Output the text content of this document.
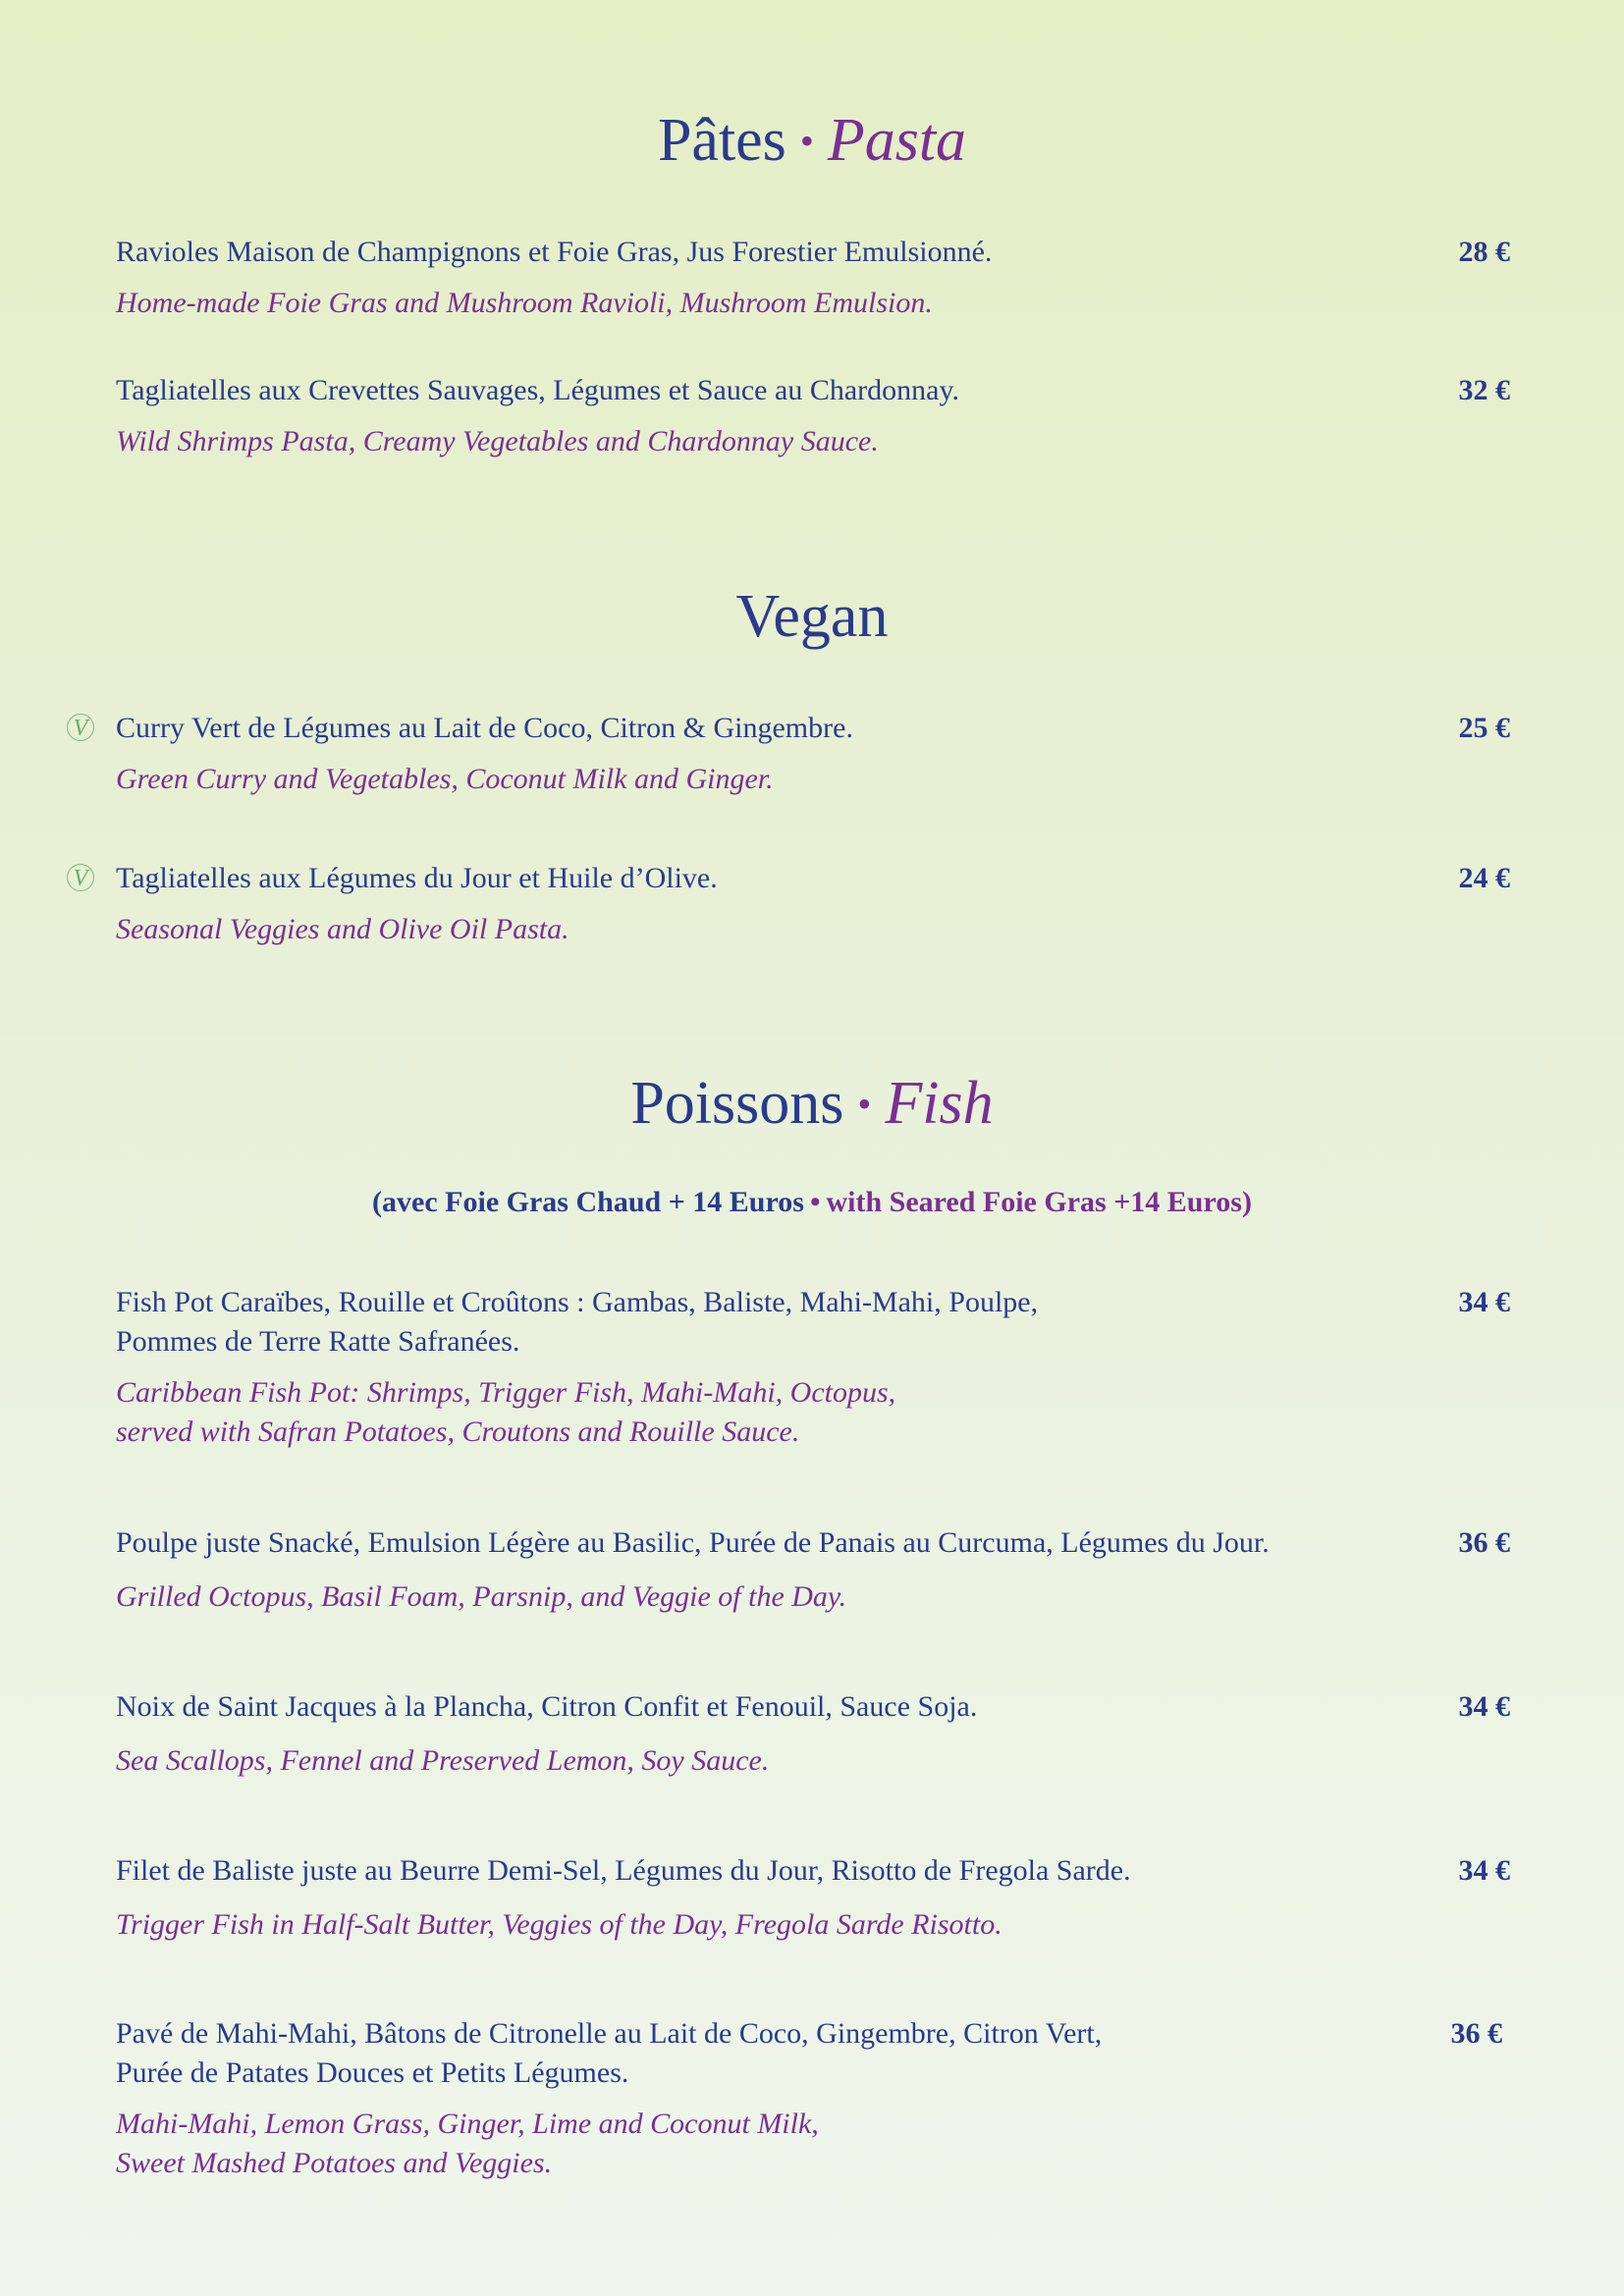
Pâtes • Pasta
Ravioles Maison de Champignons et Foie Gras, Jus Forestier Emulsionné.
Home-made Foie Gras and Mushroom Ravioli, Mushroom Emulsion.
28 €
Tagliatelles aux Crevettes Sauvages, Légumes et Sauce au Chardonnay.
Wild Shrimps Pasta, Creamy Vegetables and Chardonnay Sauce.
32 €
Vegan
V Curry Vert de Légumes au Lait de Coco, Citron & Gingembre.
Green Curry and Vegetables, Coconut Milk and Ginger.
25 €
V Tagliatelles aux Légumes du Jour et Huile d’Olive.
Seasonal Veggies and Olive Oil Pasta.
24 €
Poissons • Fish
(avec Foie Gras Chaud + 14 Euros • with Seared Foie Gras +14 Euros)
Fish Pot Caraïbes, Rouille et Croûtons : Gambas, Baliste, Mahi-Mahi, Poulpe,
Pommes de Terre Ratte Safranées.
Caribbean Fish Pot: Shrimps, Trigger Fish, Mahi-Mahi, Octopus,
served with Safran Potatoes, Croutons and Rouille Sauce.
34 €
Poulpe juste Snacké, Emulsion Légère au Basilic, Purée de Panais au Curcuma, Légumes du Jour.
Grilled Octopus, Basil Foam, Parsnip, and Veggie of the Day.
36 €
Noix de Saint Jacques à la Plancha, Citron Confit et Fenouil, Sauce Soja.
Sea Scallops, Fennel and Preserved Lemon, Soy Sauce.
34 €
Filet de Baliste juste au Beurre Demi-Sel, Légumes du Jour, Risotto de Fregola Sarde.
Trigger Fish in Half-Salt Butter, Veggies of the Day, Fregola Sarde Risotto.
34 €
Pavé de Mahi-Mahi, Bâtons de Citronelle au Lait de Coco, Gingembre, Citron Vert,
Purée de Patates Douces et Petits Légumes.
Mahi-Mahi, Lemon Grass, Ginger, Lime and Coconut Milk,
Sweet Mashed Potatoes and Veggies.
36 €
